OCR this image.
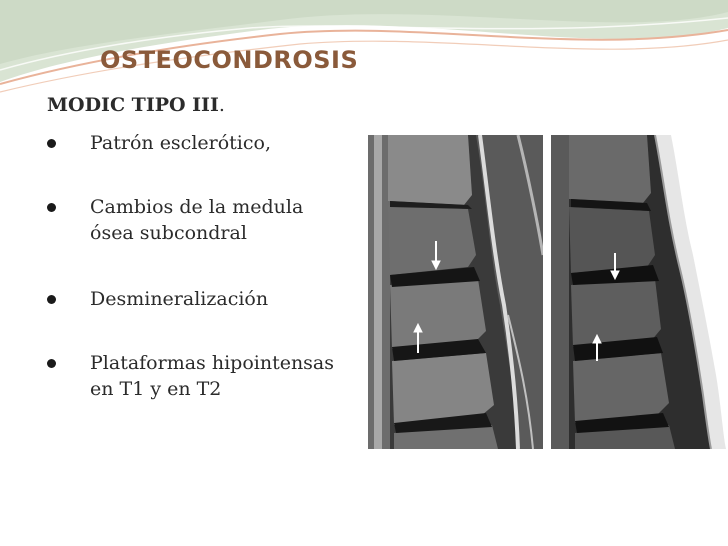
OSTEOCONDROSIS
MODIC TIPO III.
Patrón esclerótico,
Cambios de la medula ósea subcondral
Desmineralización
Plataformas hipointensas en T1 y en T2
